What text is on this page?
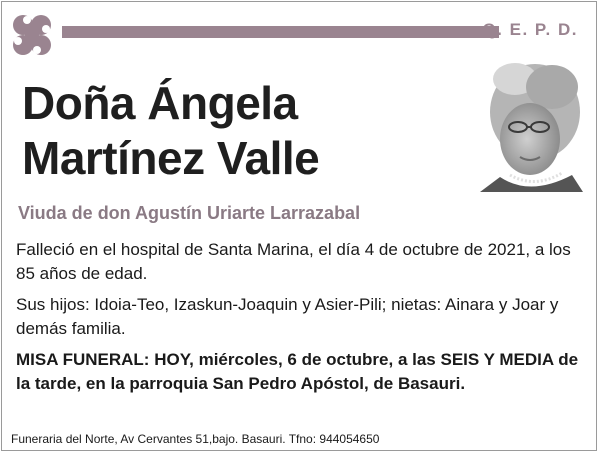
Q. E. P. D.
Doña Ángela
Martínez Valle
Viuda de don Agustín Uriarte Larrazabal

Falleció en el hospital de Santa Marina, el día 4 de octubre de 2021, a los 85 años de edad.

Sus hijos: Idoia-Teo, Izaskun-Joaquin y Asier-Pili; nietas: Ainara y Joar y demás familia.

MISA FUNERAL: HOY, miércoles, 6 de octubre, a las SEIS Y MEDIA de la tarde, en la parroquia San Pedro Apóstol, de Basauri.

Funeraria del Norte, Av Cervantes 51,bajo. Basauri. Tfno: 944054650
